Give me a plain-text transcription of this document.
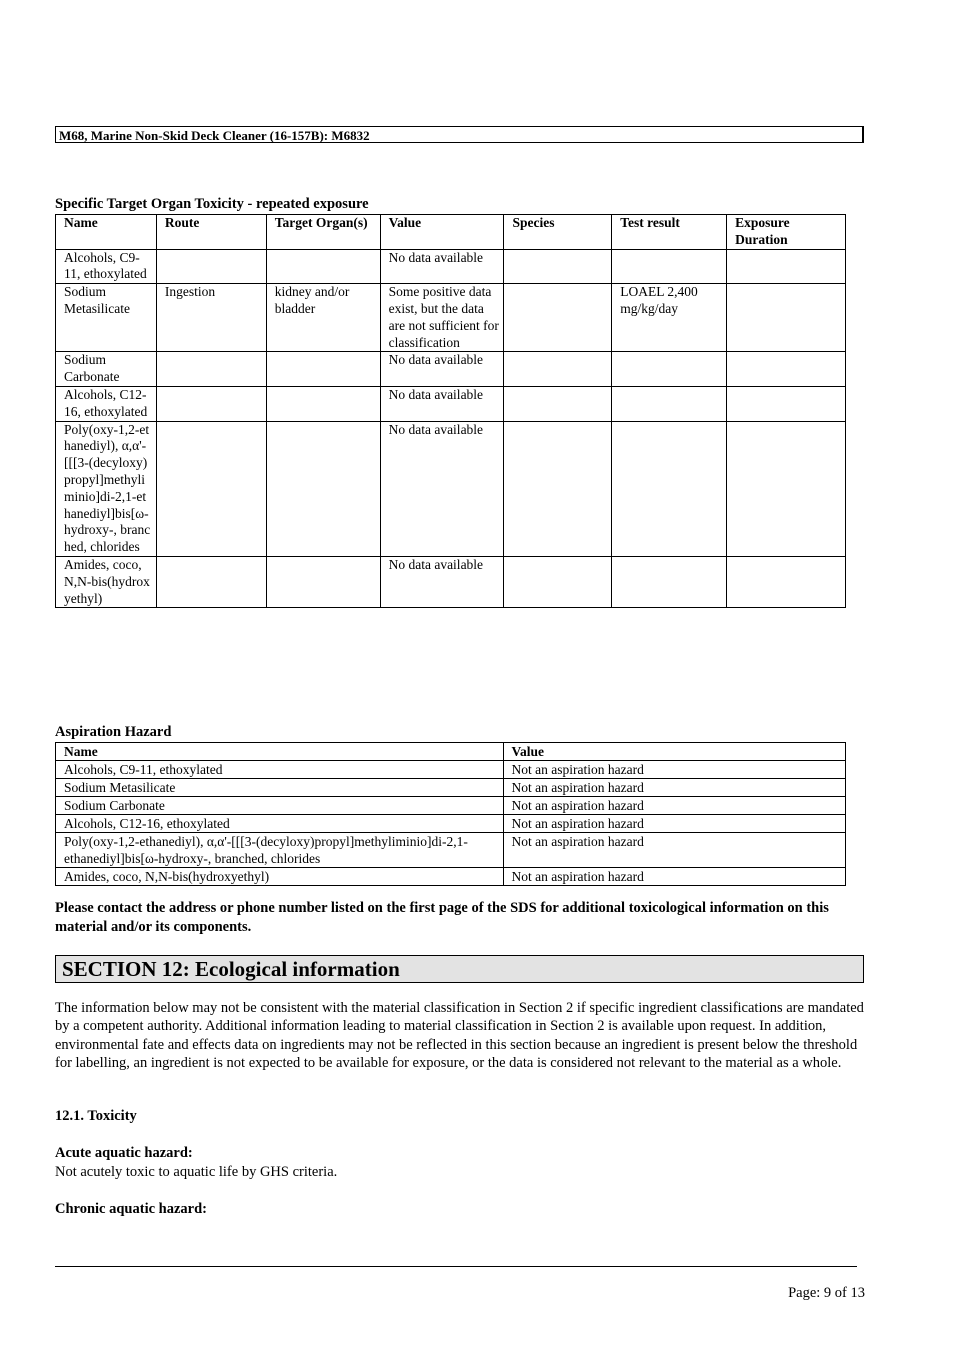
M68, Marine Non-Skid Deck Cleaner (16-157B): M6832
Specific Target Organ Toxicity - repeated exposure
Name	Route	Target Organ(s)	Value	Species	Test result	Exposure Duration
Alcohols, C9-11, ethoxylated			No data available			
Sodium Metasilicate	Ingestion	kidney and/or bladder	Some positive data exist, but the data are not sufficient for classification		LOAEL 2,400 mg/kg/day	
Sodium Carbonate			No data available			
Alcohols, C12-16, ethoxylated			No data available			
Poly(oxy-1,2-ethanediyl), α,α'-[[[3-(decyloxy)propyl]methyliminio]di-2,1-ethanediyl]bis[ω-hydroxy-, branched, chlorides			No data available			
Amides, coco, N,N-bis(hydroxyethyl)			No data available			
Aspiration Hazard
Name	Value
Alcohols, C9-11, ethoxylated	Not an aspiration hazard
Sodium Metasilicate	Not an aspiration hazard
Sodium Carbonate	Not an aspiration hazard
Alcohols, C12-16, ethoxylated	Not an aspiration hazard
Poly(oxy-1,2-ethanediyl), α,α'-[[[3-(decyloxy)propyl]methyliminio]di-2,1-ethanediyl]bis[ω-hydroxy-, branched, chlorides	Not an aspiration hazard
Amides, coco, N,N-bis(hydroxyethyl)	Not an aspiration hazard
Please contact the address or phone number listed on the first page of the SDS for additional toxicological information on this material and/or its components.
SECTION 12: Ecological information
The information below may not be consistent with the material classification in Section 2 if specific ingredient classifications are mandated by a competent authority. Additional information leading to material classification in Section 2 is available upon request. In addition, environmental fate and effects data on ingredients may not be reflected in this section because an ingredient is present below the threshold for labelling, an ingredient is not expected to be available for exposure, or the data is considered not relevant to the material as a whole.
12.1. Toxicity
Acute aquatic hazard:
Not acutely toxic to aquatic life by GHS criteria.
Chronic aquatic hazard:
Page: 9 of 13
